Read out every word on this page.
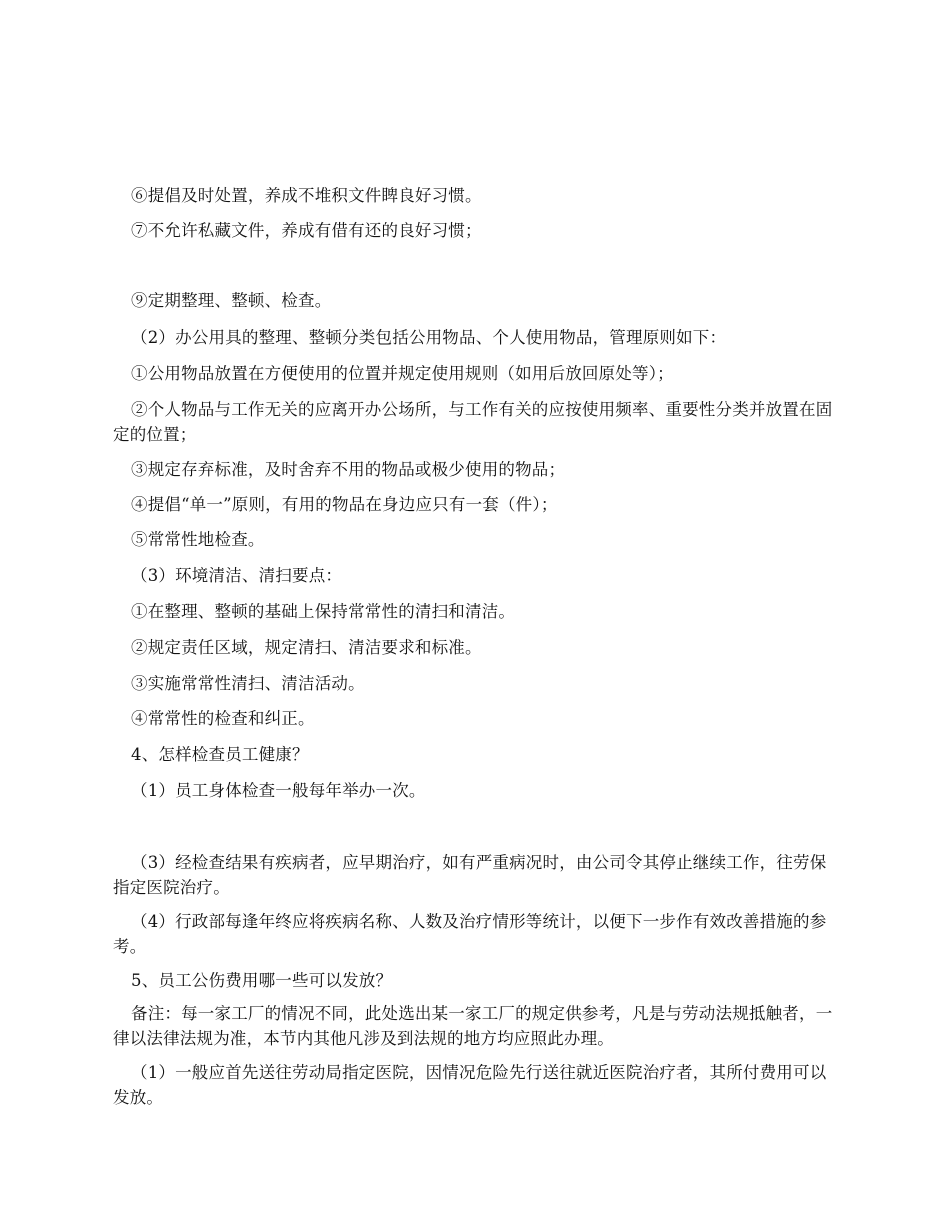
⑥提倡及时处置，养成不堆积文件睥良好习惯。

⑦不允许私藏文件，养成有借有还的良好习惯；

⑨定期整理、整顿、检查。

（2）办公用具的整理、整顿分类包括公用物品、个人使用物品，管理原则如下：

①公用物品放置在方便使用的位置并规定使用规则（如用后放回原处等）；

②个人物品与工作无关的应离开办公场所，与工作有关的应按使用频率、重要性分类并放置在固定的位置；

③规定存弃标准，及时舍弃不用的物品或极少使用的物品；

④提倡“单一”原则，有用的物品在身边应只有一套（件）；

⑤常常性地检查。

（3）环境清洁、清扫要点：

①在整理、整顿的基础上保持常常性的清扫和清洁。

②规定责任区域，规定清扫、清洁要求和标准。

③实施常常性清扫、清洁活动。

④常常性的检查和纠正。

4、怎样检查员工健康？

（1）员工身体检查一般每年举办一次。

（3）经检查结果有疾病者，应早期治疗，如有严重病况时，由公司令其停止继续工作，往劳保指定医院治疗。

（4）行政部每逢年终应将疾病名称、人数及治疗情形等统计，以便下一步作有效改善措施的参考。

5、员工公伤费用哪一些可以发放？

备注：每一家工厂的情况不同，此处选出某一家工厂的规定供参考，凡是与劳动法规抵触者，一律以法律法规为准，本节内其他凡涉及到法规的地方均应照此办理。

（1）一般应首先送往劳动局指定医院，因情况危险先行送往就近医院治疗者，其所付费用可以发放。
